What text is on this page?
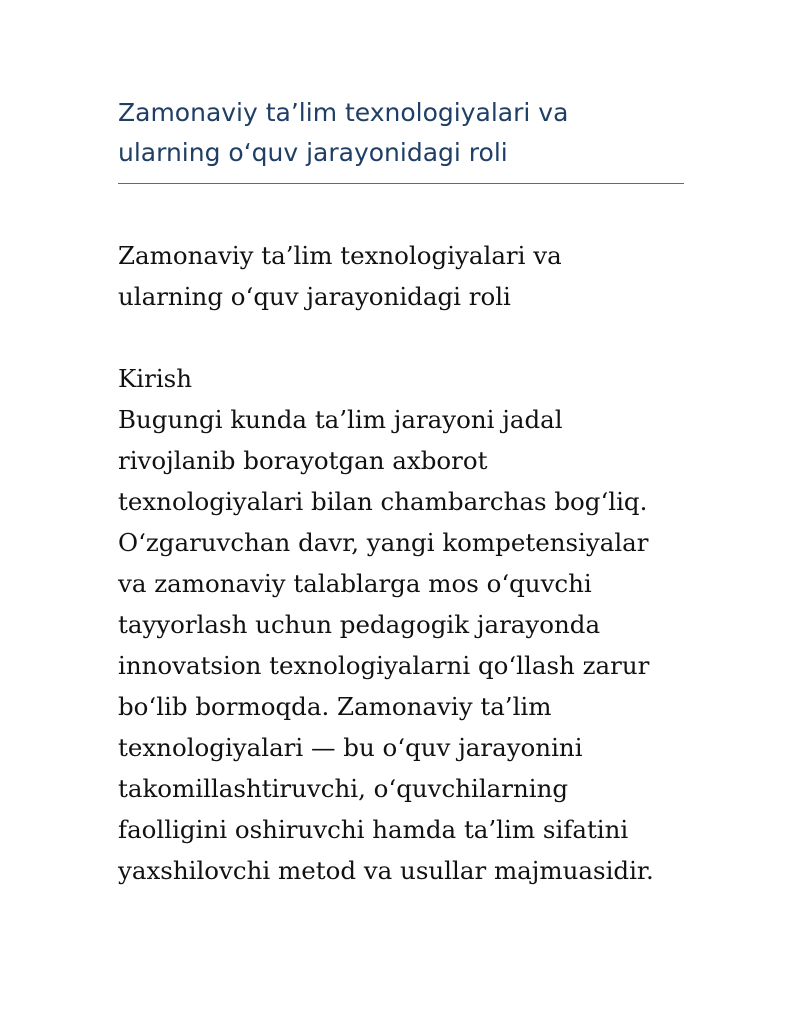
Zamonaviy ta’lim texnologiyalari va
ularning o‘quv jarayonidagi roli
Zamonaviy ta’lim texnologiyalari va
ularning o‘quv jarayonidagi roli
Kirish

Bugungi kunda ta’lim jarayoni jadal
rivojlanib borayotgan axborot
texnologiyalari bilan chambarchas bog‘liq.
O‘zgaruvchan davr, yangi kompetensiyalar
va zamonaviy talablarga mos o‘quvchi
tayyorlash uchun pedagogik jarayonda
innovatsion texnologiyalarni qo‘llash zarur
bo‘lib bormoqda. Zamonaviy ta’lim
texnologiyalari — bu o‘quv jarayonini
takomillashtiruvchi, o‘quvchilarning
faolligini oshiruvchi hamda ta’lim sifatini
yaxshilovchi metod va usullar majmuasidir.
